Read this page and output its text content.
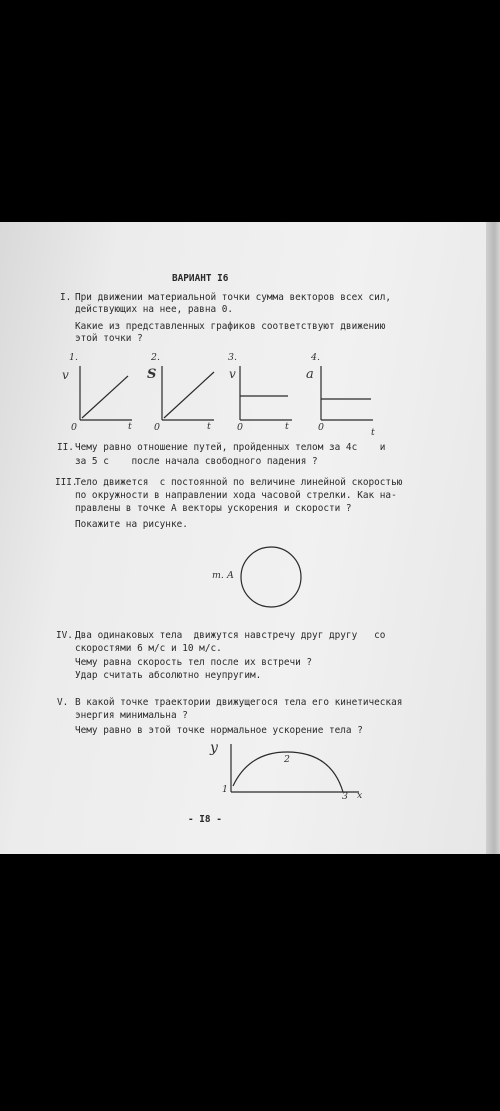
ВАРИАНТ I6
I. При движении материальной точки сумма векторов всех сил,
действующих на нее, равна 0.
Какие из представленных графиков соответствуют движению
этой точки ?
1.
v
0	t
2.
S
0	t
3.
v
0	t
4.
a
0	t
II. Чему равно отношение путей, пройденных телом за 4с    и
за 5 с    после начала свободного падения ?
III.
Тело движется  с постоянной по величине линейной скоростью
по окружности в направлении хода часовой стрелки. Как на-
правлены в точке А векторы ускорения и скорости ?
Покажите на рисунке.
т. А
IV. Два одинаковых тела  движутся навстречу друг другу   со
скоростями 6 м/с и 10 м/с.
Чему равна скорость тел после их встречи ?
Удар считать абсолютно неупругим.
V. В какой точке траектории движущегося тела его кинетическая
энергия минимальна ?
Чему равно в этой точке нормальное ускорение тела ?
y
1
2
3 x
- I8 -
